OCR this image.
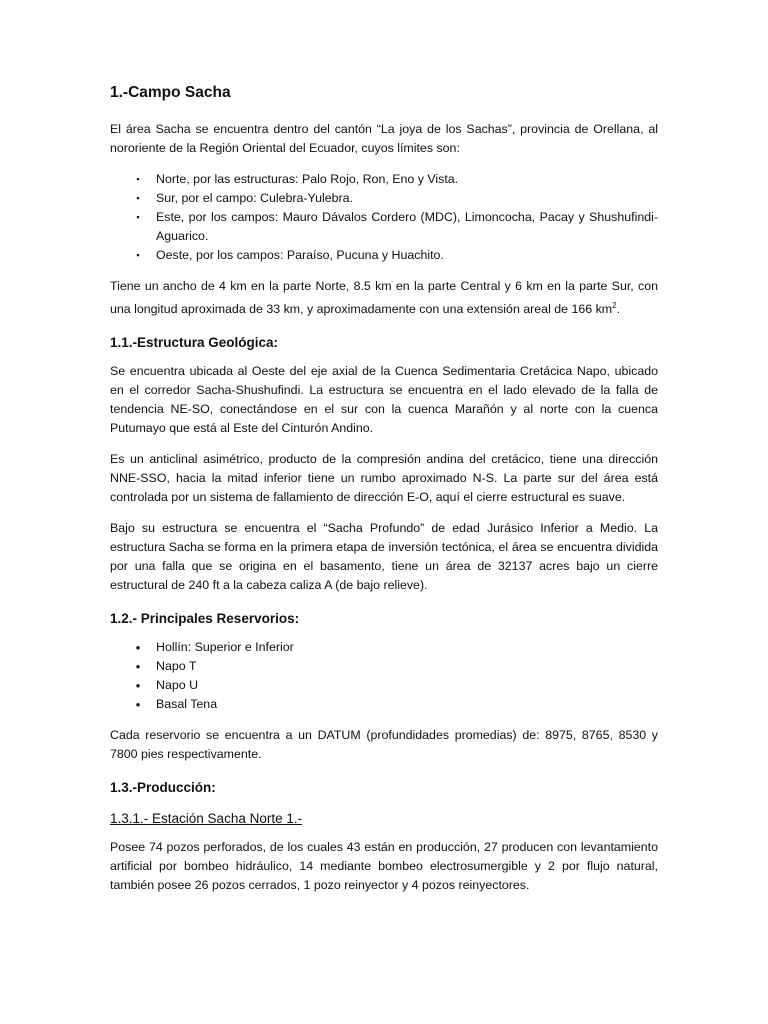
1.-Campo Sacha

El área Sacha se encuentra dentro del cantón “La joya de los Sachas”, provincia de Orellana, al nororiente de la Región Oriental del Ecuador, cuyos límites son:

▪	Norte, por las estructuras: Palo Rojo, Ron, Eno y Vista.
▪	Sur, por el campo: Culebra-Yulebra.
▪	Este, por los campos: Mauro Dávalos Cordero (MDC), Limoncocha, Pacay y Shushufindi-Aguarico.
▪	Oeste, por los campos: Paraíso, Pucuna y Huachito.

Tiene un ancho de 4 km en la parte Norte, 8.5 km en la parte Central y 6 km en la parte Sur, con una longitud aproximada de 33 km, y aproximadamente con una extensión areal de 166 $km^2$.

1.1.-Estructura Geológica:

Se encuentra ubicada al Oeste del eje axial de la Cuenca Sedimentaria Cretácica Napo, ubicado en el corredor Sacha-Shushufindi. La estructura se encuentra en el lado elevado de la falla de tendencia NE-SO, conectándose en el sur con la cuenca Marañón y al norte con la cuenca Putumayo que está al Este del Cinturón Andino.

Es un anticlinal asimétrico, producto de la compresión andina del cretácico, tiene una dirección NNE-SSO, hacia la mitad inferior tiene un rumbo aproximado N-S. La parte sur del área está controlada por un sistema de fallamiento de dirección E-O, aquí el cierre estructural es suave.

Bajo su estructura se encuentra el “Sacha Profundo” de edad Jurásico Inferior a Medio. La estructura Sacha se forma en la primera etapa de inversión tectónica, el área se encuentra dividida por una falla que se origina en el basamento, tiene un área de 32137 acres bajo un cierre estructural de 240 ft a la cabeza caliza A (de bajo relieve).

1.2.- Principales Reservorios:
• Hollín: Superior e Inferior
• Napo T
• Napo U
• Basal Tena

Cada reservorio se encuentra a un DATUM (profundidades promedias) de: 8975, 8765, 8530 y 7800 pies respectivamente.

1.3.-Producción:
1.3.1.- Estación Sacha Norte 1.-

Posee 74 pozos perforados, de los cuales 43 están en producción, 27 producen con levantamiento artificial por bombeo hidráulico, 14 mediante bombeo electrosumergible y 2 por flujo natural, también posee 26 pozos cerrados, 1 pozo reinyector y 4 pozos reinyectores.
